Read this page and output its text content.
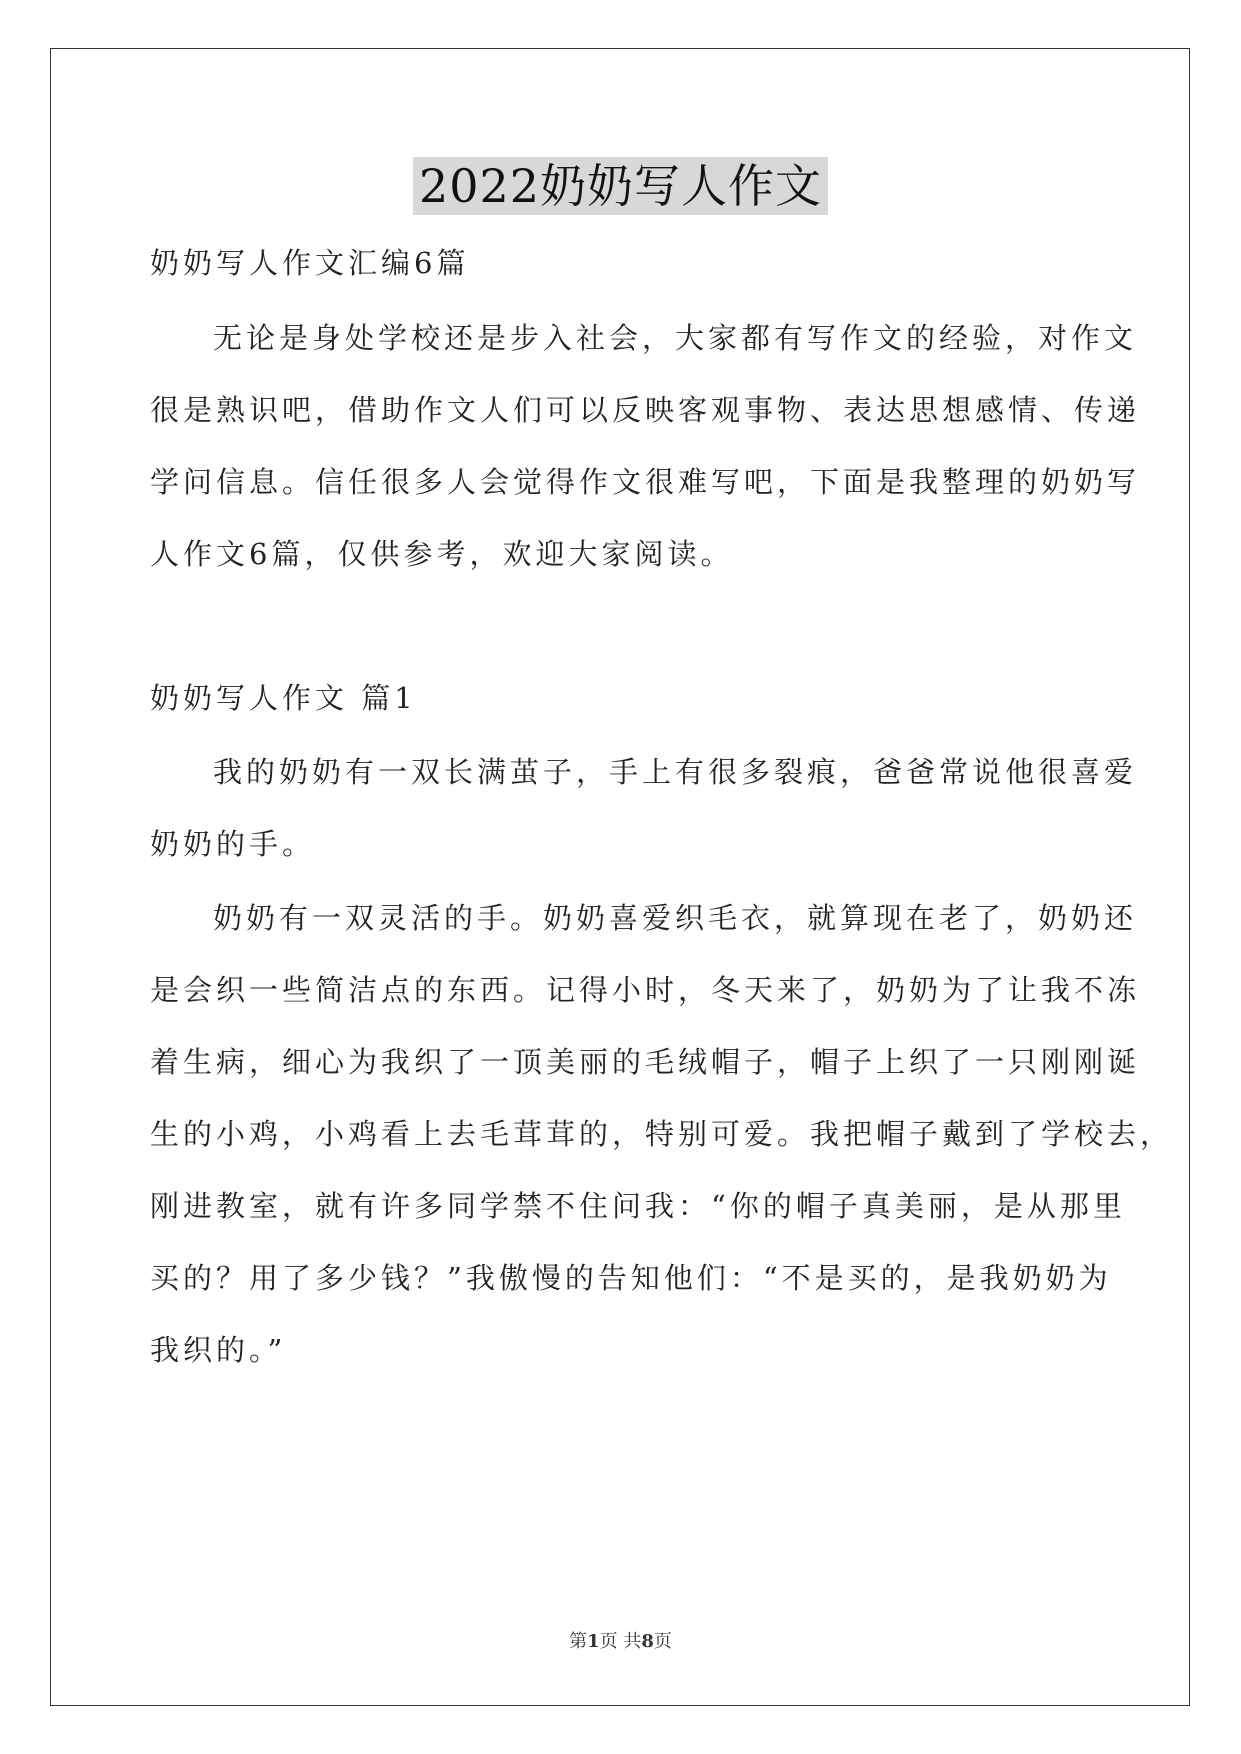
2022奶奶写人作文
奶奶写人作文汇编6篇
无论是身处学校还是步入社会，大家都有写作文的经验，对作文
很是熟识吧，借助作文人们可以反映客观事物、表达思想感情、传递
学问信息。信任很多人会觉得作文很难写吧，下面是我整理的奶奶写
人作文6篇，仅供参考，欢迎大家阅读。
奶奶写人作文 篇1
我的奶奶有一双长满茧子，手上有很多裂痕，爸爸常说他很喜爱
奶奶的手。
奶奶有一双灵活的手。奶奶喜爱织毛衣，就算现在老了，奶奶还
是会织一些简洁点的东西。记得小时，冬天来了，奶奶为了让我不冻
着生病，细心为我织了一顶美丽的毛绒帽子，帽子上织了一只刚刚诞
生的小鸡，小鸡看上去毛茸茸的，特别可爱。我把帽子戴到了学校去，
刚进教室，就有许多同学禁不住问我：“你的帽子真美丽，是从那里
买的？用了多少钱？”我傲慢的告知他们：“不是买的，是我奶奶为
我织的。”
第1页 共8页
